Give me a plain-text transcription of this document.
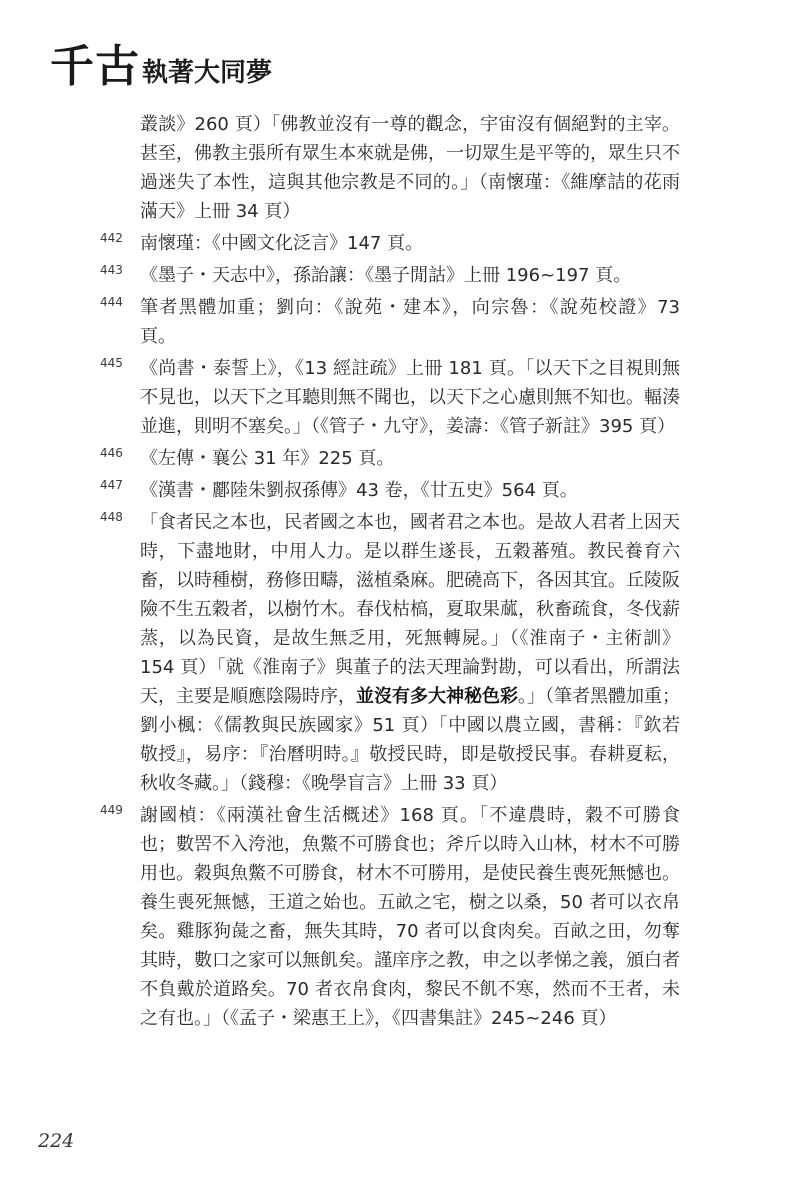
千古執著大同夢
叢談》260 頁）「佛教並沒有一尊的觀念，宇宙沒有個絕對的主宰。甚至，佛教主張所有眾生本來就是佛，一切眾生是平等的，眾生只不過迷失了本性，這與其他宗教是不同的。」（南懷瑾：《維摩詰的花雨滿天》上冊 34 頁）
442 南懷瑾：《中國文化泛言》147 頁。
443 《墨子・天志中》，孫詒讓：《墨子閒詁》上冊 196~197 頁。
444 筆者黑體加重；劉向：《說苑・建本》，向宗魯：《說苑校證》73 頁。
445 《尚書・泰誓上》，《13 經註疏》上冊 181 頁。「以天下之目視則無不見也，以天下之耳聽則無不聞也，以天下之心慮則無不知也。輻湊並進，則明不塞矣。」（《管子・九守》，姜濤：《管子新註》395 頁）
446 《左傳・襄公 31 年》225 頁。
447 《漢書・酈陸朱劉叔孫傳》43 卷，《廿五史》564 頁。
448 「食者民之本也，民者國之本也，國者君之本也。是故人君者上因天時，下盡地財，中用人力。是以群生遂長，五穀蕃殖。教民養育六畜，以時種樹，務修田疇，滋植桑麻。肥磽高下，各因其宜。丘陵阪險不生五穀者，以樹竹木。春伐枯槁，夏取果蓏，秋畜疏食，冬伐薪蒸，以為民資，是故生無乏用，死無轉屍。」（《淮南子・主術訓》154 頁）「就《淮南子》與董子的法天理論對勘，可以看出，所謂法天，主要是順應陰陽時序，並沒有多大神秘色彩。」（筆者黑體加重；劉小楓：《儒教與民族國家》51 頁）「中國以農立國，書稱：『欽若敬授』，易序：『治曆明時。』敬授民時，即是敬授民事。春耕夏耘，秋收冬藏。」（錢穆：《晚學盲言》上冊 33 頁）
449 謝國楨：《兩漢社會生活概述》168 頁。「不違農時，穀不可勝食也；數罟不入洿池，魚鱉不可勝食也；斧斤以時入山林，材木不可勝用也。穀與魚鱉不可勝食，材木不可勝用，是使民養生喪死無憾也。養生喪死無憾，王道之始也。五畝之宅，樹之以桑，50 者可以衣帛矣。雞豚狗彘之畜，無失其時，70 者可以食肉矣。百畝之田，勿奪其時，數口之家可以無飢矣。謹庠序之教，申之以孝悌之義，頒白者不負戴於道路矣。70 者衣帛食肉，黎民不飢不寒，然而不王者，未之有也。」（《孟子・梁惠王上》，《四書集註》245~246 頁）
224
